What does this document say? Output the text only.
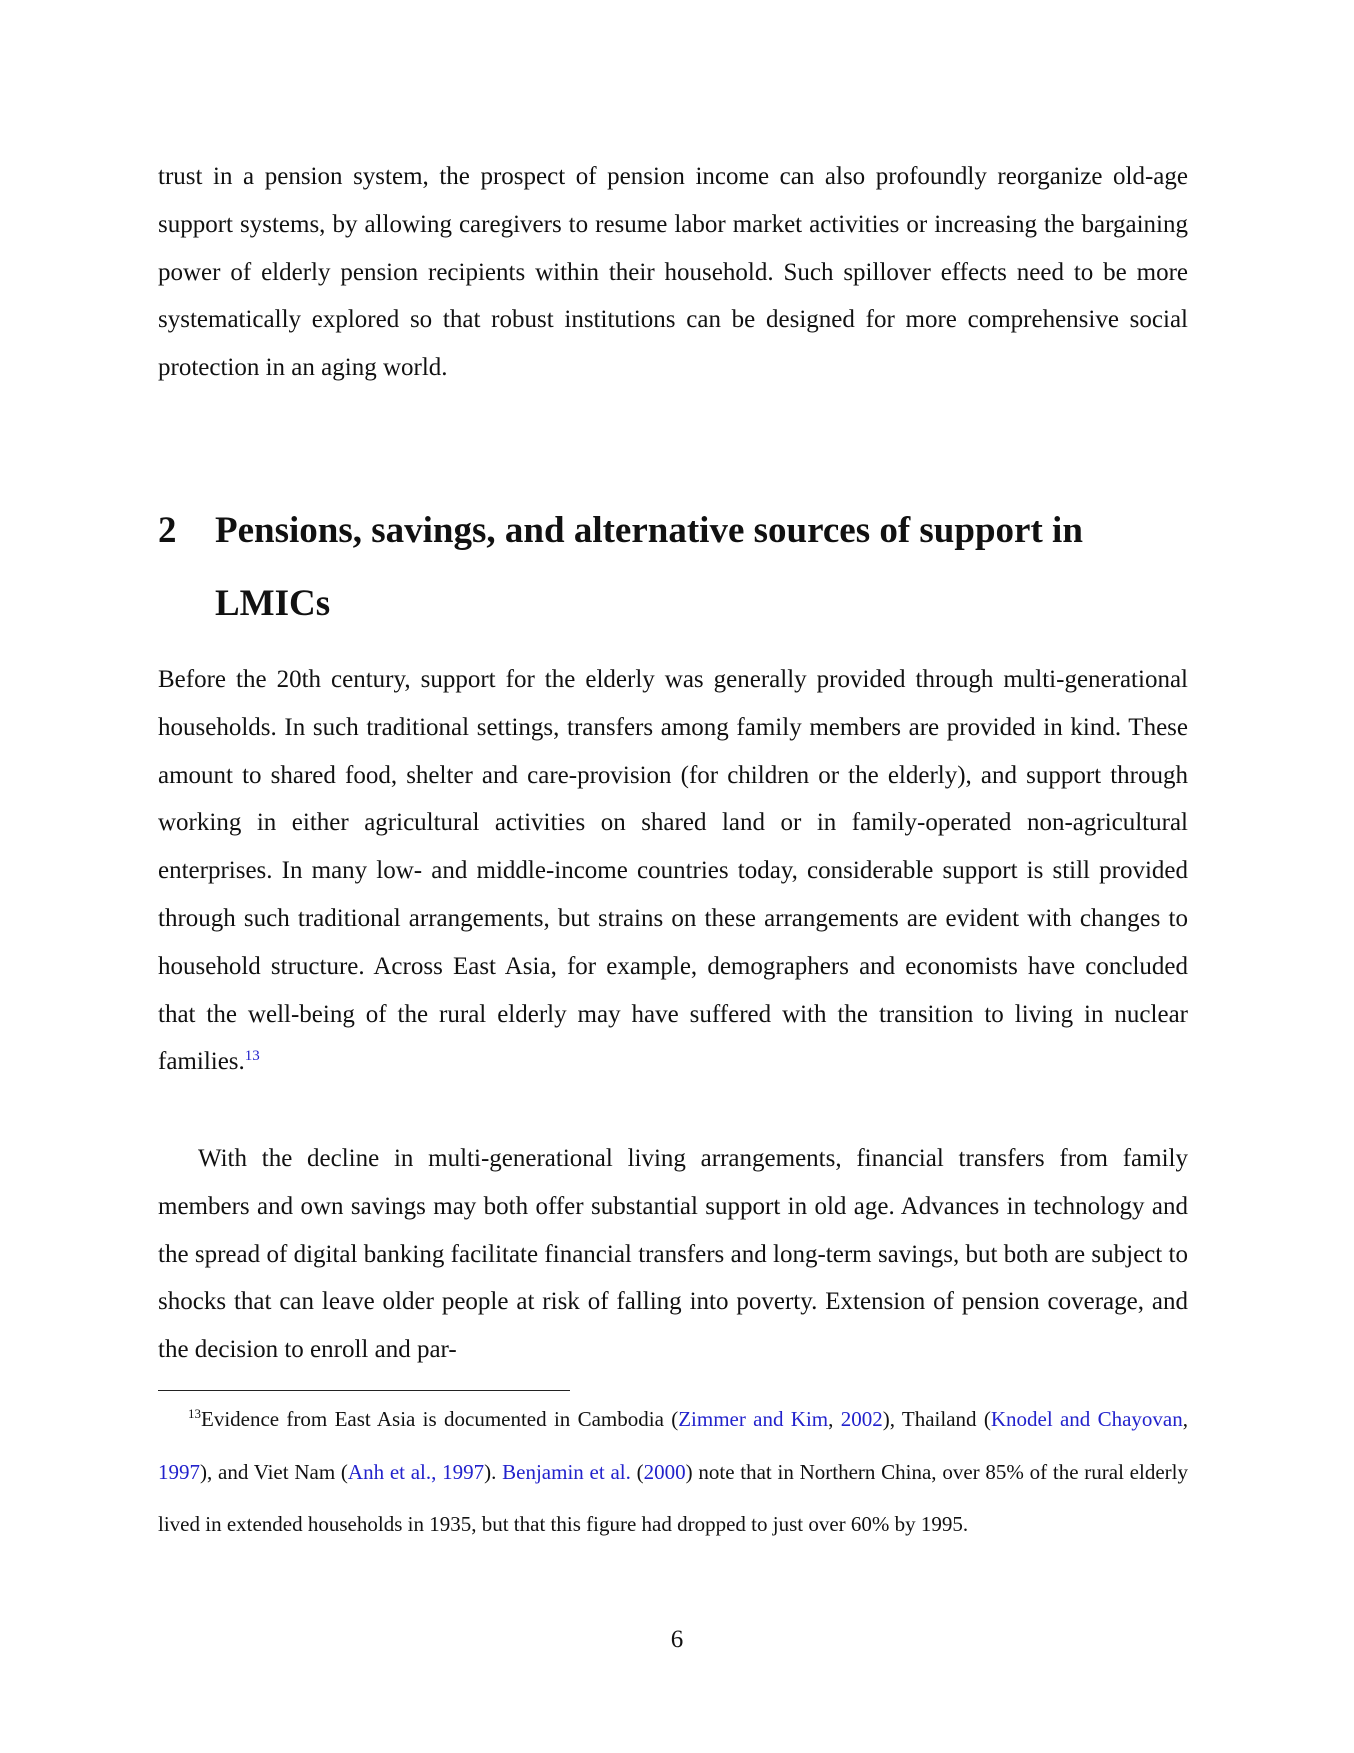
trust in a pension system, the prospect of pension income can also profoundly reorganize old-age support systems, by allowing caregivers to resume labor market activities or increasing the bargaining power of elderly pension recipients within their household. Such spillover effects need to be more systematically explored so that robust institutions can be designed for more comprehensive social protection in an aging world.

2 Pensions, savings, and alternative sources of support in LMICs

Before the 20th century, support for the elderly was generally provided through multi-generational households. In such traditional settings, transfers among family members are provided in kind. These amount to shared food, shelter and care-provision (for children or the elderly), and support through working in either agricultural activities on shared land or in family-operated non-agricultural enterprises. In many low- and middle-income countries today, considerable support is still provided through such traditional arrangements, but strains on these arrangements are evident with changes to household structure. Across East Asia, for example, demographers and economists have concluded that the well-being of the rural elderly may have suffered with the transition to living in nuclear families.$^{13}$

With the decline in multi-generational living arrangements, financial transfers from family members and own savings may both offer substantial support in old age. Advances in technology and the spread of digital banking facilitate financial transfers and long-term savings, but both are subject to shocks that can leave older people at risk of falling into poverty. Extension of pension coverage, and the decision to enroll and par-

$^{13}$Evidence from East Asia is documented in Cambodia (Zimmer and Kim, 2002), Thailand (Knodel and Chayovan, 1997), and Viet Nam (Anh et al., 1997). Benjamin et al. (2000) note that in Northern China, over 85% of the rural elderly lived in extended households in 1935, but that this figure had dropped to just over 60% by 1995.

6
